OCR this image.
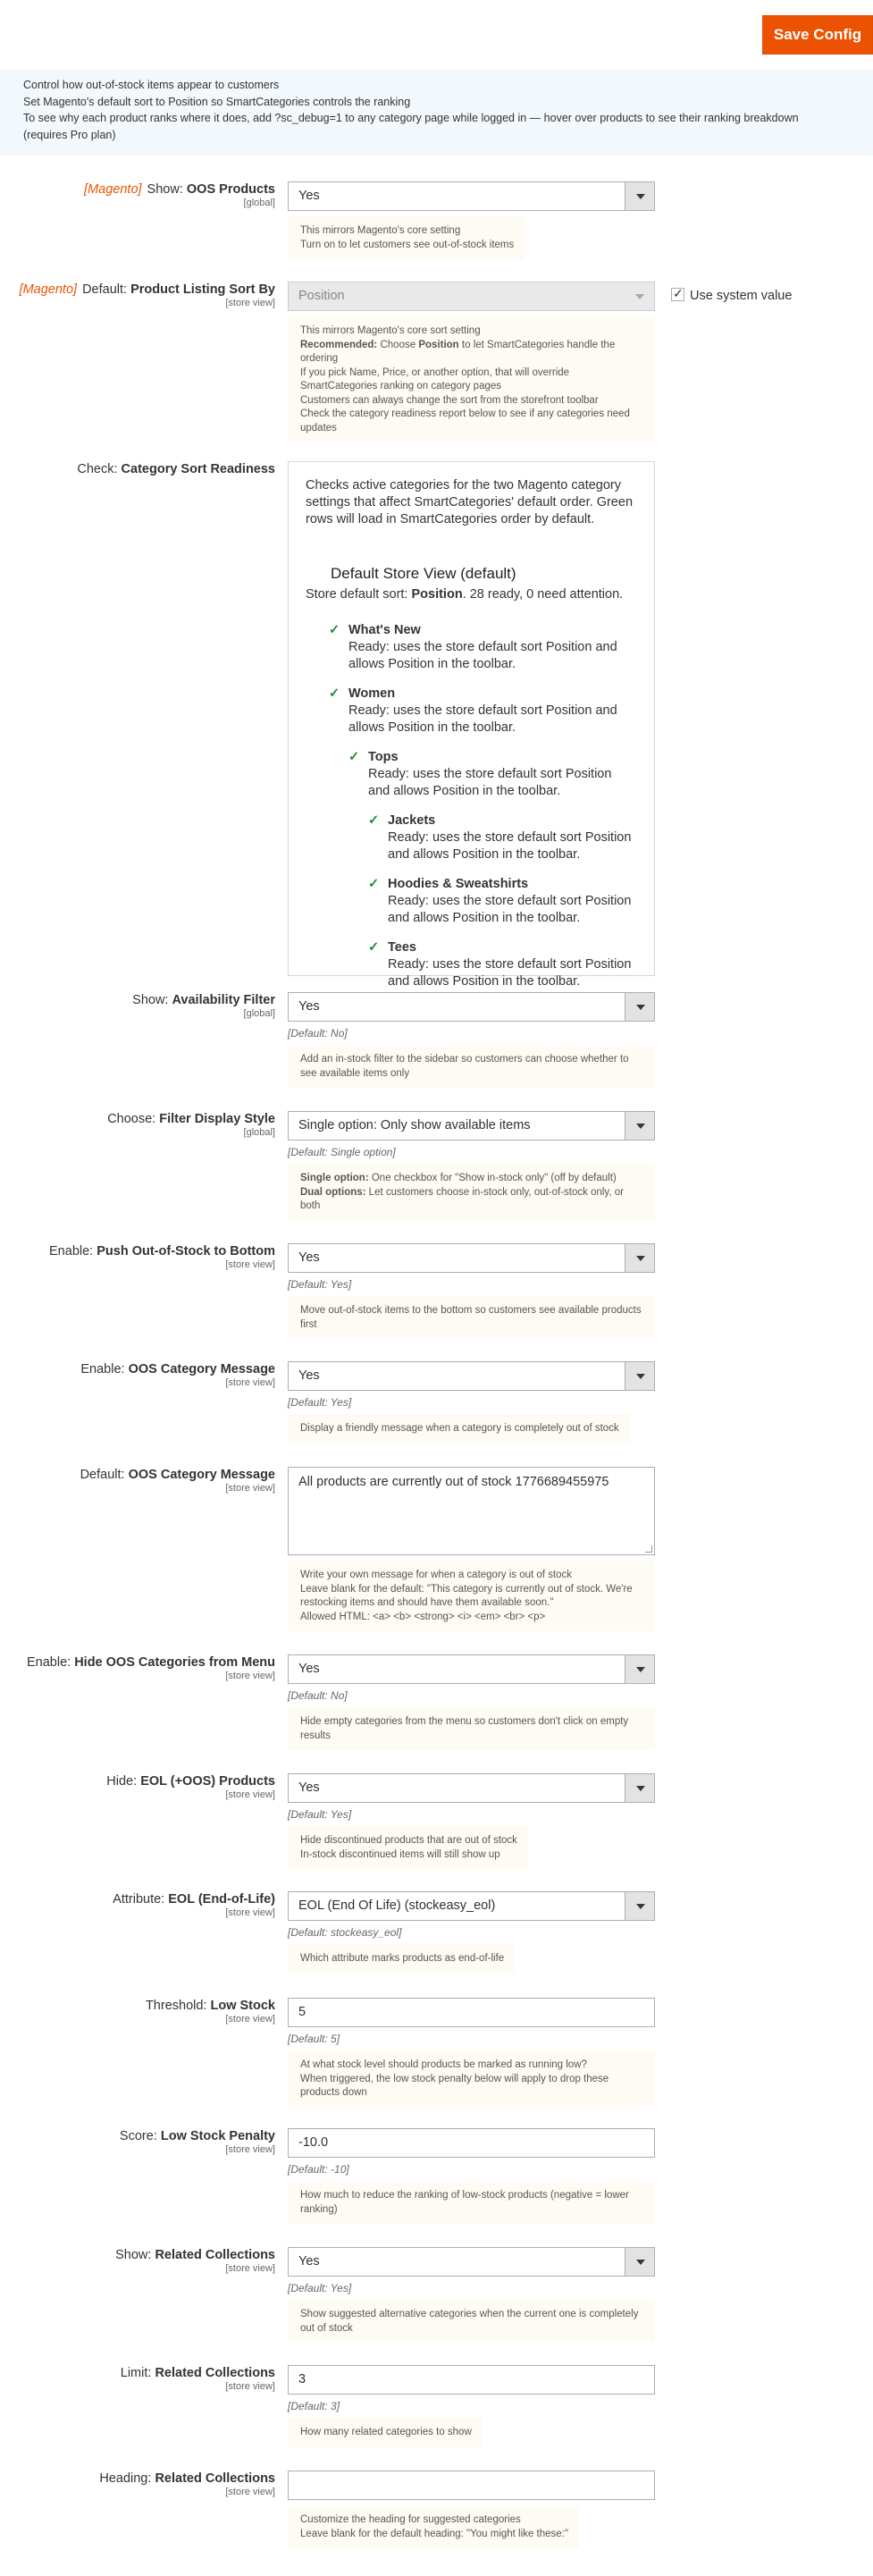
Save Config
Control how out-of-stock items appear to customers
Set Magento's default sort to Position so SmartCategories controls the ranking
To see why each product ranks where it does, add ?sc_debug=1 to any category page while logged in — hover over products to see their ranking breakdown
(requires Pro plan)
[Magento] Show: OOS Products
[global]	Yes
This mirrors Magento's core setting
Turn on to let customers see out-of-stock items
[Magento] Default: Product Listing Sort By
[store view]	Position
This mirrors Magento's core sort setting
Recommended: Choose Position to let SmartCategories handle the ordering
If you pick Name, Price, or another option, that will override SmartCategories ranking on category pages
Customers can always change the sort from the storefront toolbar
Check the category readiness report below to see if any categories need updates
✓Use system value
Check: Category Sort Readiness
Checks active categories for the two Magento category settings that affect SmartCategories' default order. Green rows will load in SmartCategories order by default.
Default Store View (default)
Store default sort: Position. 28 ready, 0 need attention.
✓ What's New
Ready: uses the store default sort Position and allows Position in the toolbar.
✓ Women
Ready: uses the store default sort Position and allows Position in the toolbar.
✓ Tops
Ready: uses the store default sort Position and allows Position in the toolbar.
✓ Jackets
Ready: uses the store default sort Position and allows Position in the toolbar.
✓ Hoodies & Sweatshirts
Ready: uses the store default sort Position and allows Position in the toolbar.
✓ Tees
Ready: uses the store default sort Position and allows Position in the toolbar.
Show: Availability Filter
[global]	Yes
[Default: No]
Add an in-stock filter to the sidebar so customers can choose whether to see available items only
Choose: Filter Display Style
[global]	Single option: Only show available items
[Default: Single option]
Single option: One checkbox for "Show in-stock only" (off by default)
Dual options: Let customers choose in-stock only, out-of-stock only, or both
Enable: Push Out-of-Stock to Bottom
[store view]	Yes
[Default: Yes]
Move out-of-stock items to the bottom so customers see available products first
Enable: OOS Category Message
[store view]	Yes
[Default: Yes]
Display a friendly message when a category is completely out of stock
Default: OOS Category Message
[store view]	All products are currently out of stock 1776689455975
Write your own message for when a category is out of stock
Leave blank for the default: "This category is currently out of stock. We're restocking items and should have them available soon."
Allowed HTML: <a> <b> <strong> <i> <em> <br> <p>
Enable: Hide OOS Categories from Menu
[store view]	Yes
[Default: No]
Hide empty categories from the menu so customers don't click on empty results
Hide: EOL (+OOS) Products
[store view]	Yes
[Default: Yes]
Hide discontinued products that are out of stock
In-stock discontinued items will still show up
Attribute: EOL (End-of-Life)
[store view]	EOL (End Of Life) (stockeasy_eol)
[Default: stockeasy_eol]
Which attribute marks products as end-of-life
Threshold: Low Stock
[store view]	5
[Default: 5]
At what stock level should products be marked as running low?
When triggered, the low stock penalty below will apply to drop these products down
Score: Low Stock Penalty
[store view]	-10.0
[Default: -10]
How much to reduce the ranking of low-stock products (negative = lower ranking)
Show: Related Collections
[store view]	Yes
[Default: Yes]
Show suggested alternative categories when the current one is completely out of stock
Limit: Related Collections
[store view]	3
[Default: 3]
How many related categories to show
Heading: Related Collections
[store view]
Customize the heading for suggested categories
Leave blank for the default heading: "You might like these:"
